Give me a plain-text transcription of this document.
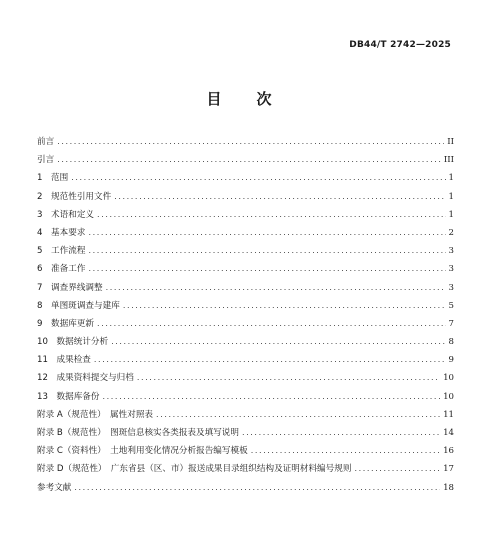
DB44/T 2742—2025
目　次
前言 .....	II
引言 .....	III
1　范围 .....	1
2　规范性引用文件 .....	1
3　术语和定义 .....	1
4　基本要求 .....	2
5　工作流程 .....	3
6　准备工作 .....	3
7　调查界线调整 .....	3
8　单图斑调查与建库 .....	5
9　数据库更新 .....	7
10　数据统计分析 .....	8
11　成果检查 .....	9
12　成果资料提交与归档 .....	10
13　数据库备份 .....	10
附录 A（规范性）　属性对照表 .....	11
附录 B（规范性）　图斑信息核实各类报表及填写说明 .....	14
附录 C（资料性）　土地利用变化情况分析报告编写模板 .....	16
附录 D（规范性）　广东省县（区、市）报送成果目录组织结构及证明材料编号规则 .....	17
参考文献 .....	18
